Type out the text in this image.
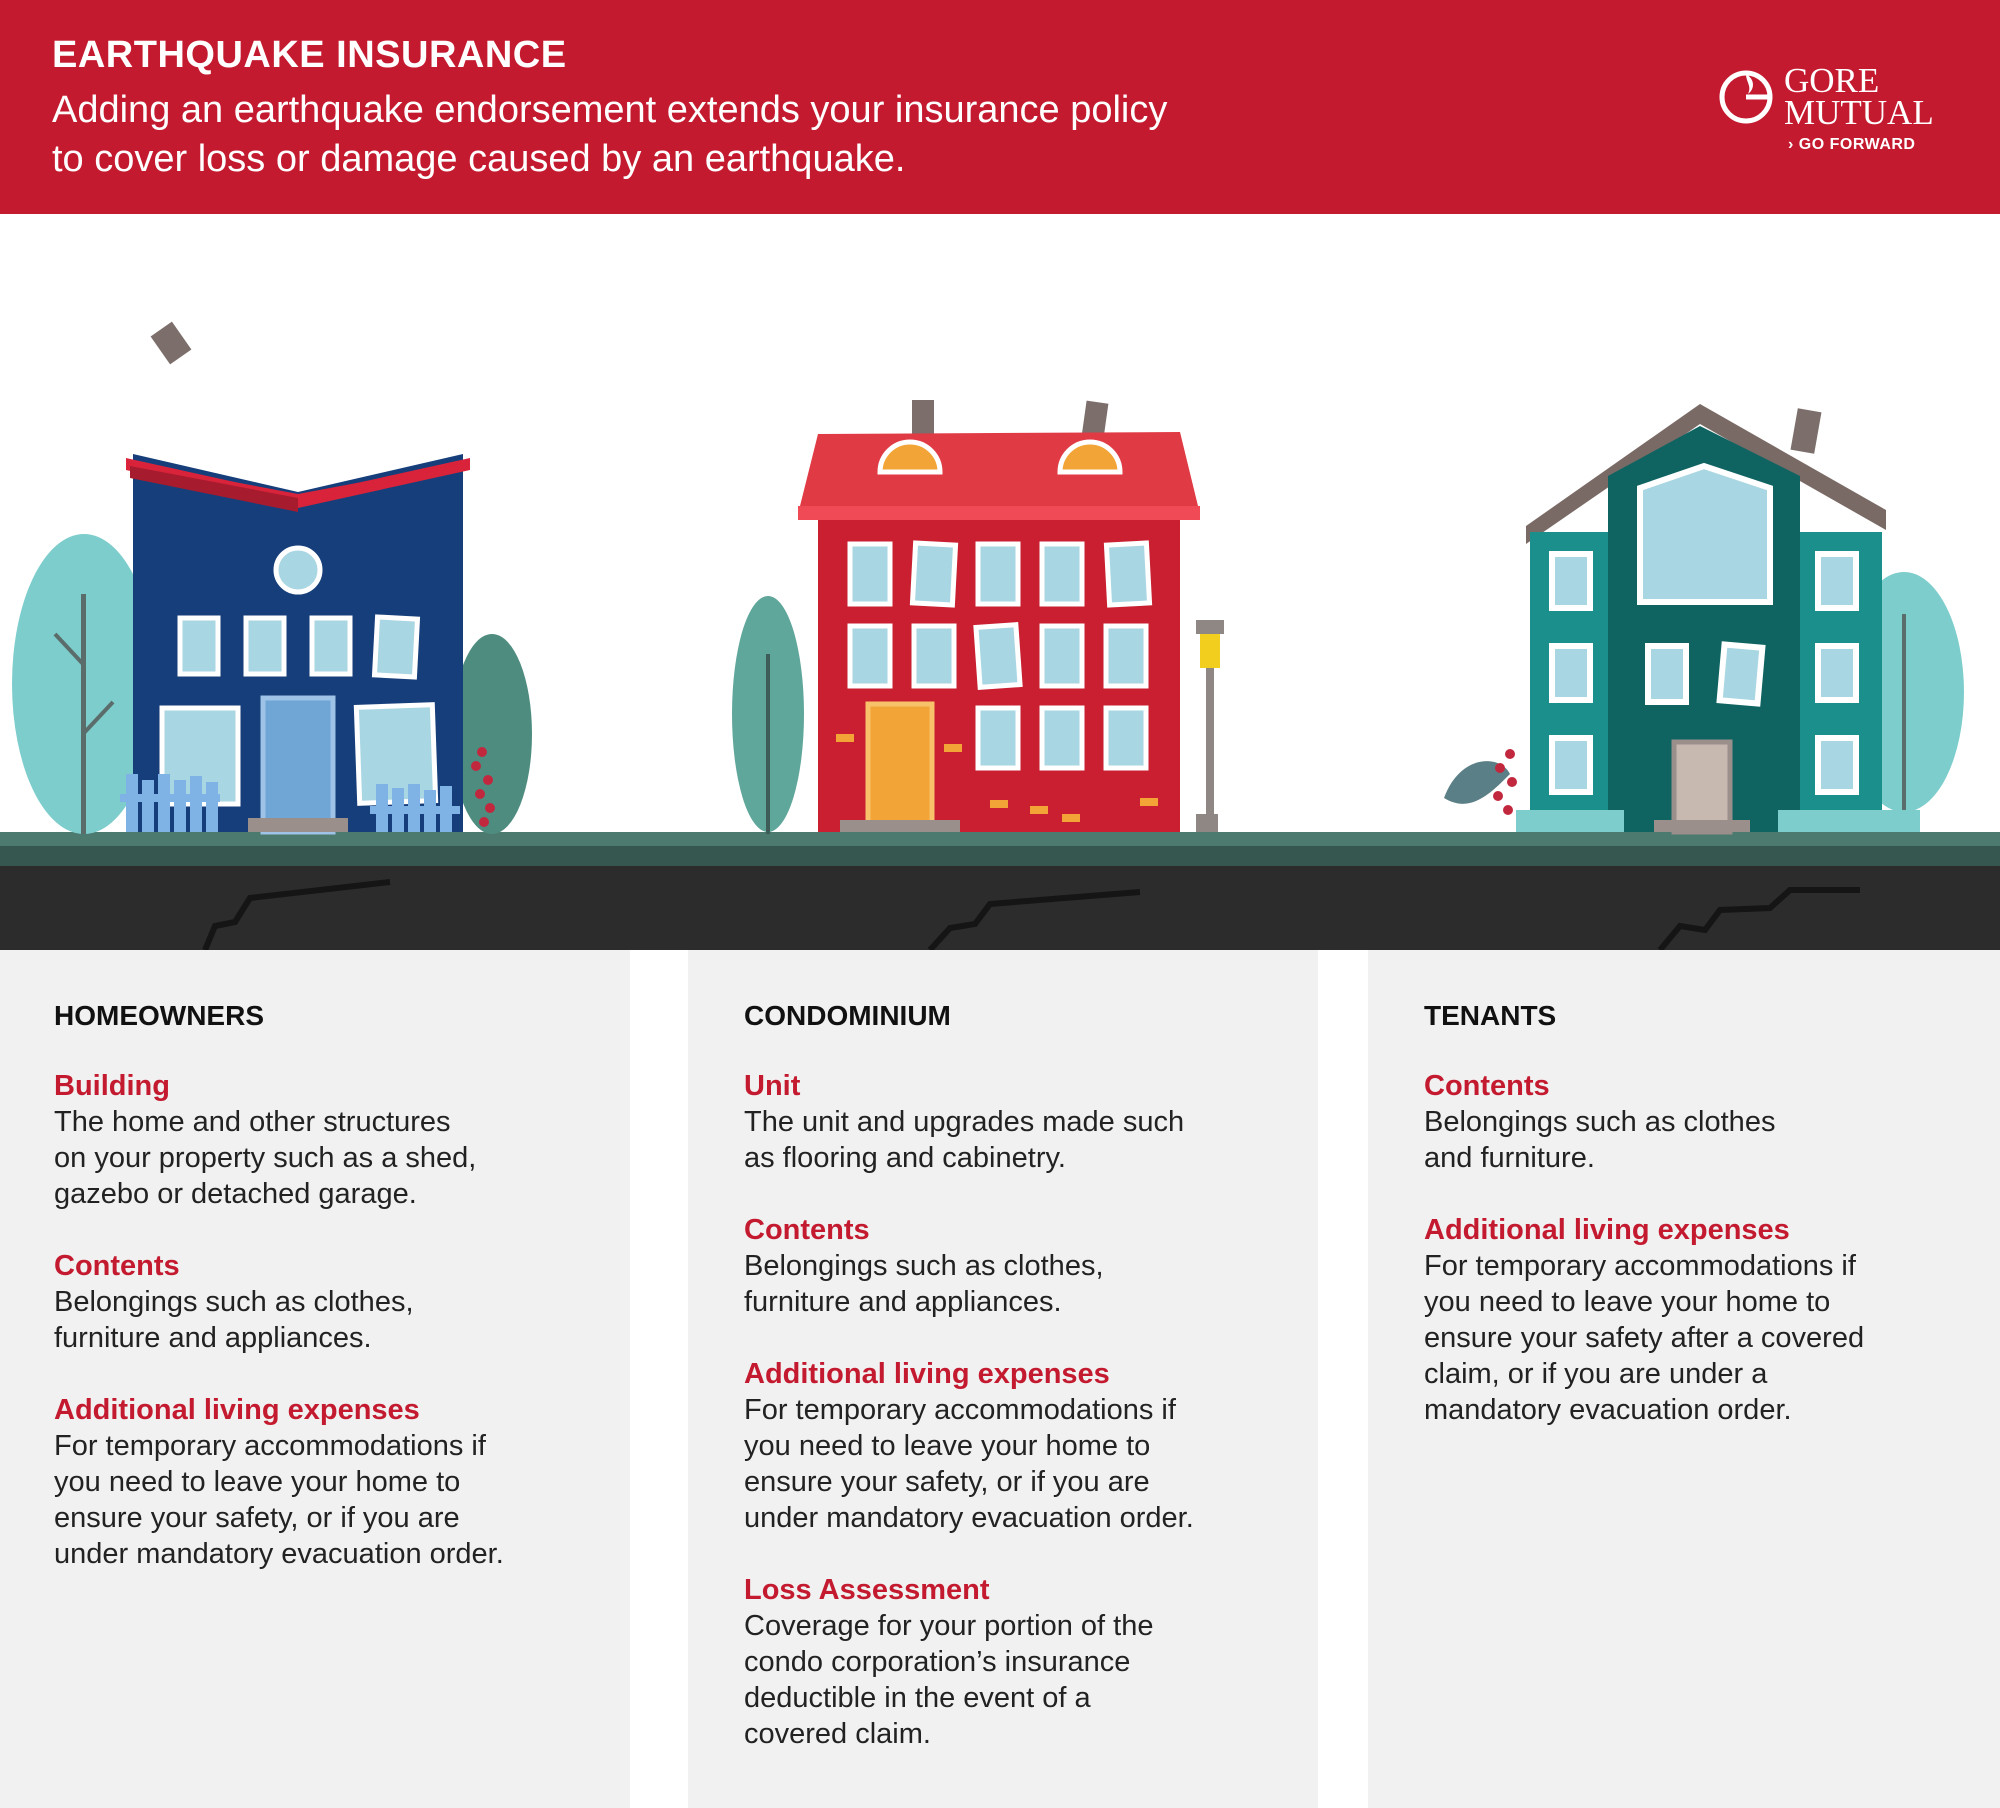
EARTHQUAKE INSURANCE
Adding an earthquake endorsement extends your insurance policy
to cover loss or damage caused by an earthquake.
GORE
MUTUAL
› GO FORWARD
HOMEOWNERS
Building
The home and other structures
on your property such as a shed,
gazebo or detached garage.
Contents
Belongings such as clothes,
furniture and appliances.
Additional living expenses
For temporary accommodations if
you need to leave your home to
ensure your safety, or if you are
under mandatory evacuation order.
CONDOMINIUM
Unit
The unit and upgrades made such
as flooring and cabinetry.
Contents
Belongings such as clothes,
furniture and appliances.
Additional living expenses
For temporary accommodations if
you need to leave your home to
ensure your safety, or if you are
under mandatory evacuation order.
Loss Assessment
Coverage for your portion of the
condo corporation’s insurance
deductible in the event of a
covered claim.
TENANTS
Contents
Belongings such as clothes
and furniture.
Additional living expenses
For temporary accommodations if
you need to leave your home to
ensure your safety after a covered
claim, or if you are under a
mandatory evacuation order.
